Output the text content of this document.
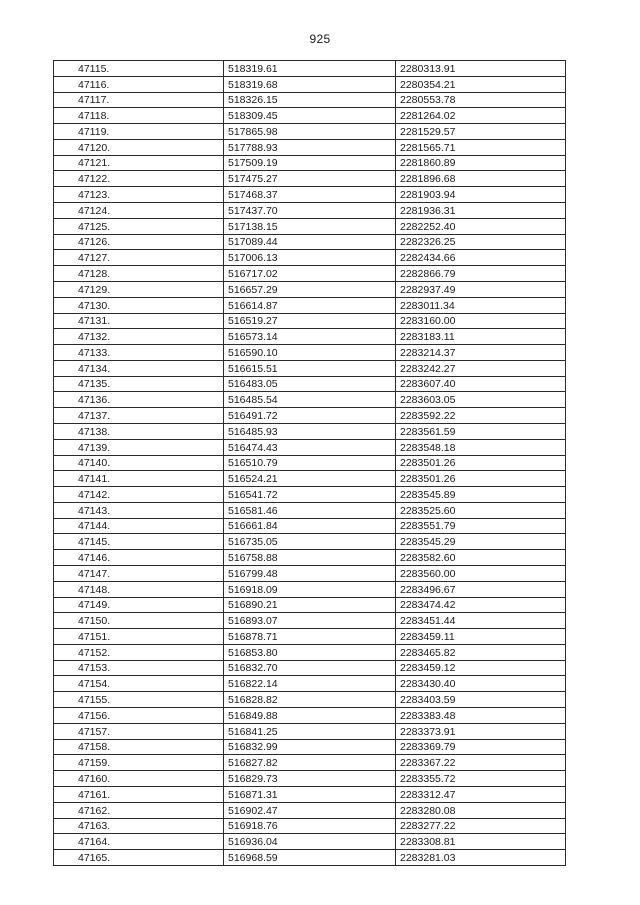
925
47115.	518319.61	2280313.91
47116.	518319.68	2280354.21
47117.	518326.15	2280553.78
47118.	518309.45	2281264.02
47119.	517865.98	2281529.57
47120.	517788.93	2281565.71
47121.	517509.19	2281860.89
47122.	517475.27	2281896.68
47123.	517468.37	2281903.94
47124.	517437.70	2281936.31
47125.	517138.15	2282252.40
47126.	517089.44	2282326.25
47127.	517006.13	2282434.66
47128.	516717.02	2282866.79
47129.	516657.29	2282937.49
47130.	516614.87	2283011.34
47131.	516519.27	2283160.00
47132.	516573.14	2283183.11
47133.	516590.10	2283214.37
47134.	516615.51	2283242.27
47135.	516483.05	2283607.40
47136.	516485.54	2283603.05
47137.	516491.72	2283592.22
47138.	516485.93	2283561.59
47139.	516474.43	2283548.18
47140.	516510.79	2283501.26
47141.	516524.21	2283501.26
47142.	516541.72	2283545.89
47143.	516581.46	2283525.60
47144.	516661.84	2283551.79
47145.	516735.05	2283545.29
47146.	516758.88	2283582.60
47147.	516799.48	2283560.00
47148.	516918.09	2283496.67
47149.	516890.21	2283474.42
47150.	516893.07	2283451.44
47151.	516878.71	2283459.11
47152.	516853.80	2283465.82
47153.	516832.70	2283459.12
47154.	516822.14	2283430.40
47155.	516828.82	2283403.59
47156.	516849.88	2283383.48
47157.	516841.25	2283373.91
47158.	516832.99	2283369.79
47159.	516827.82	2283367.22
47160.	516829.73	2283355.72
47161.	516871.31	2283312.47
47162.	516902.47	2283280.08
47163.	516918.76	2283277.22
47164.	516936.04	2283308.81
47165.	516968.59	2283281.03
